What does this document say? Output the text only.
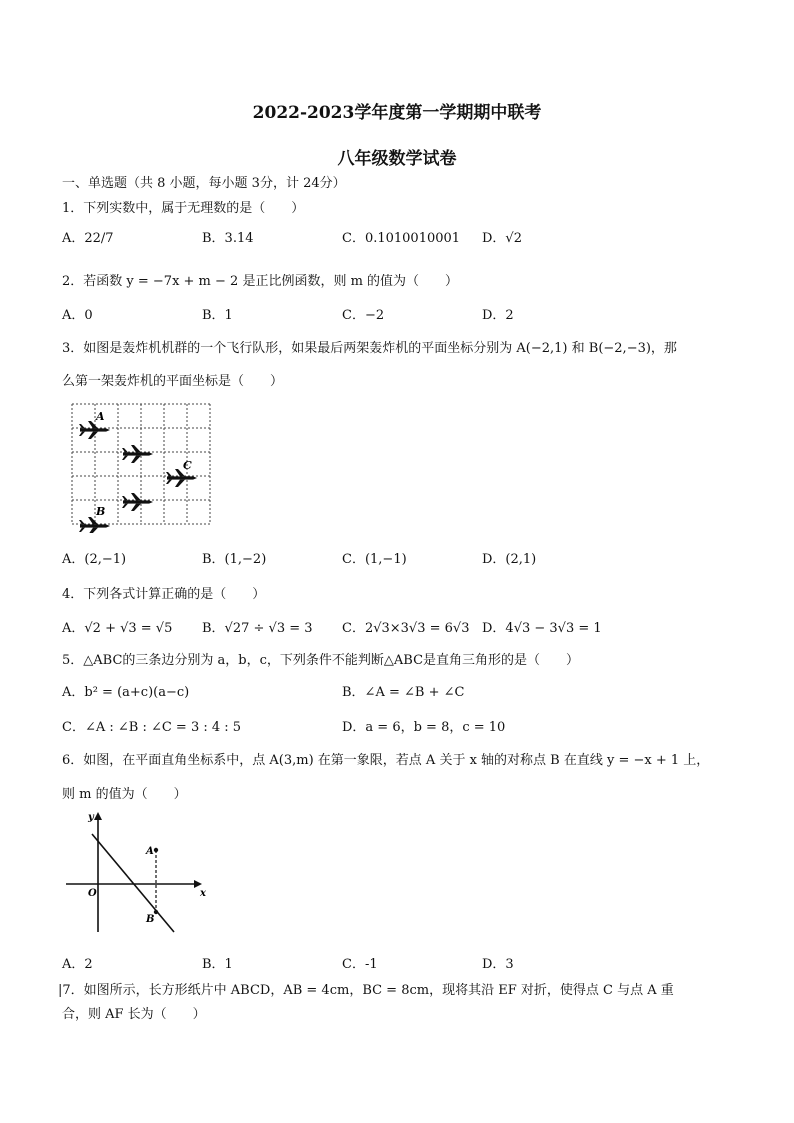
2022-2023学年度第一学期期中联考
八年级数学试卷
一、单选题（共 8 小题，每小题 3分，计 24分）
1．下列实数中，属于无理数的是（　　）
A．22/7	B．3.14	C．0.1010010001 D．√2
2．若函数 y = −7x + m − 2 是正比例函数，则 m 的值为（　　）
A．0	B．1	C．−2	D．2
3．如图是轰炸机机群的一个飞行队形，如果最后两架轰炸机的平面坐标分别为 A(−2,1) 和 B(−2,−3)，那
么第一架轰炸机的平面坐标是（　　）
A
B
C
A．(2,−1)	B．(1,−2)	C．(1,−1)	D．(2,1)
4．下列各式计算正确的是（　　）
A．√2 + √3 = √5 B．√27 ÷ √3 = 3 C．2√3×3√3 = 6√3 D．4√3 − 3√3 = 1
5．△ABC的三条边分别为 a，b，c，下列条件不能判断△ABC是直角三角形的是（　　）
A．b² = (a+c)(a−c)	B．∠A = ∠B + ∠C
C．∠A : ∠B : ∠C = 3 : 4 : 5	D．a = 6，b = 8，c = 10
6．如图，在平面直角坐标系中，点 A(3,m) 在第一象限，若点 A 关于 x 轴的对称点 B 在直线 y = −x + 1 上，
则 m 的值为（　　）
y
x
O
A
B
A．2	B．1	C．-1	D．3
|7．如图所示，长方形纸片中 ABCD，AB = 4cm，BC = 8cm，现将其沿 EF 对折，使得点 C 与点 A 重
合，则 AF 长为（　　）
